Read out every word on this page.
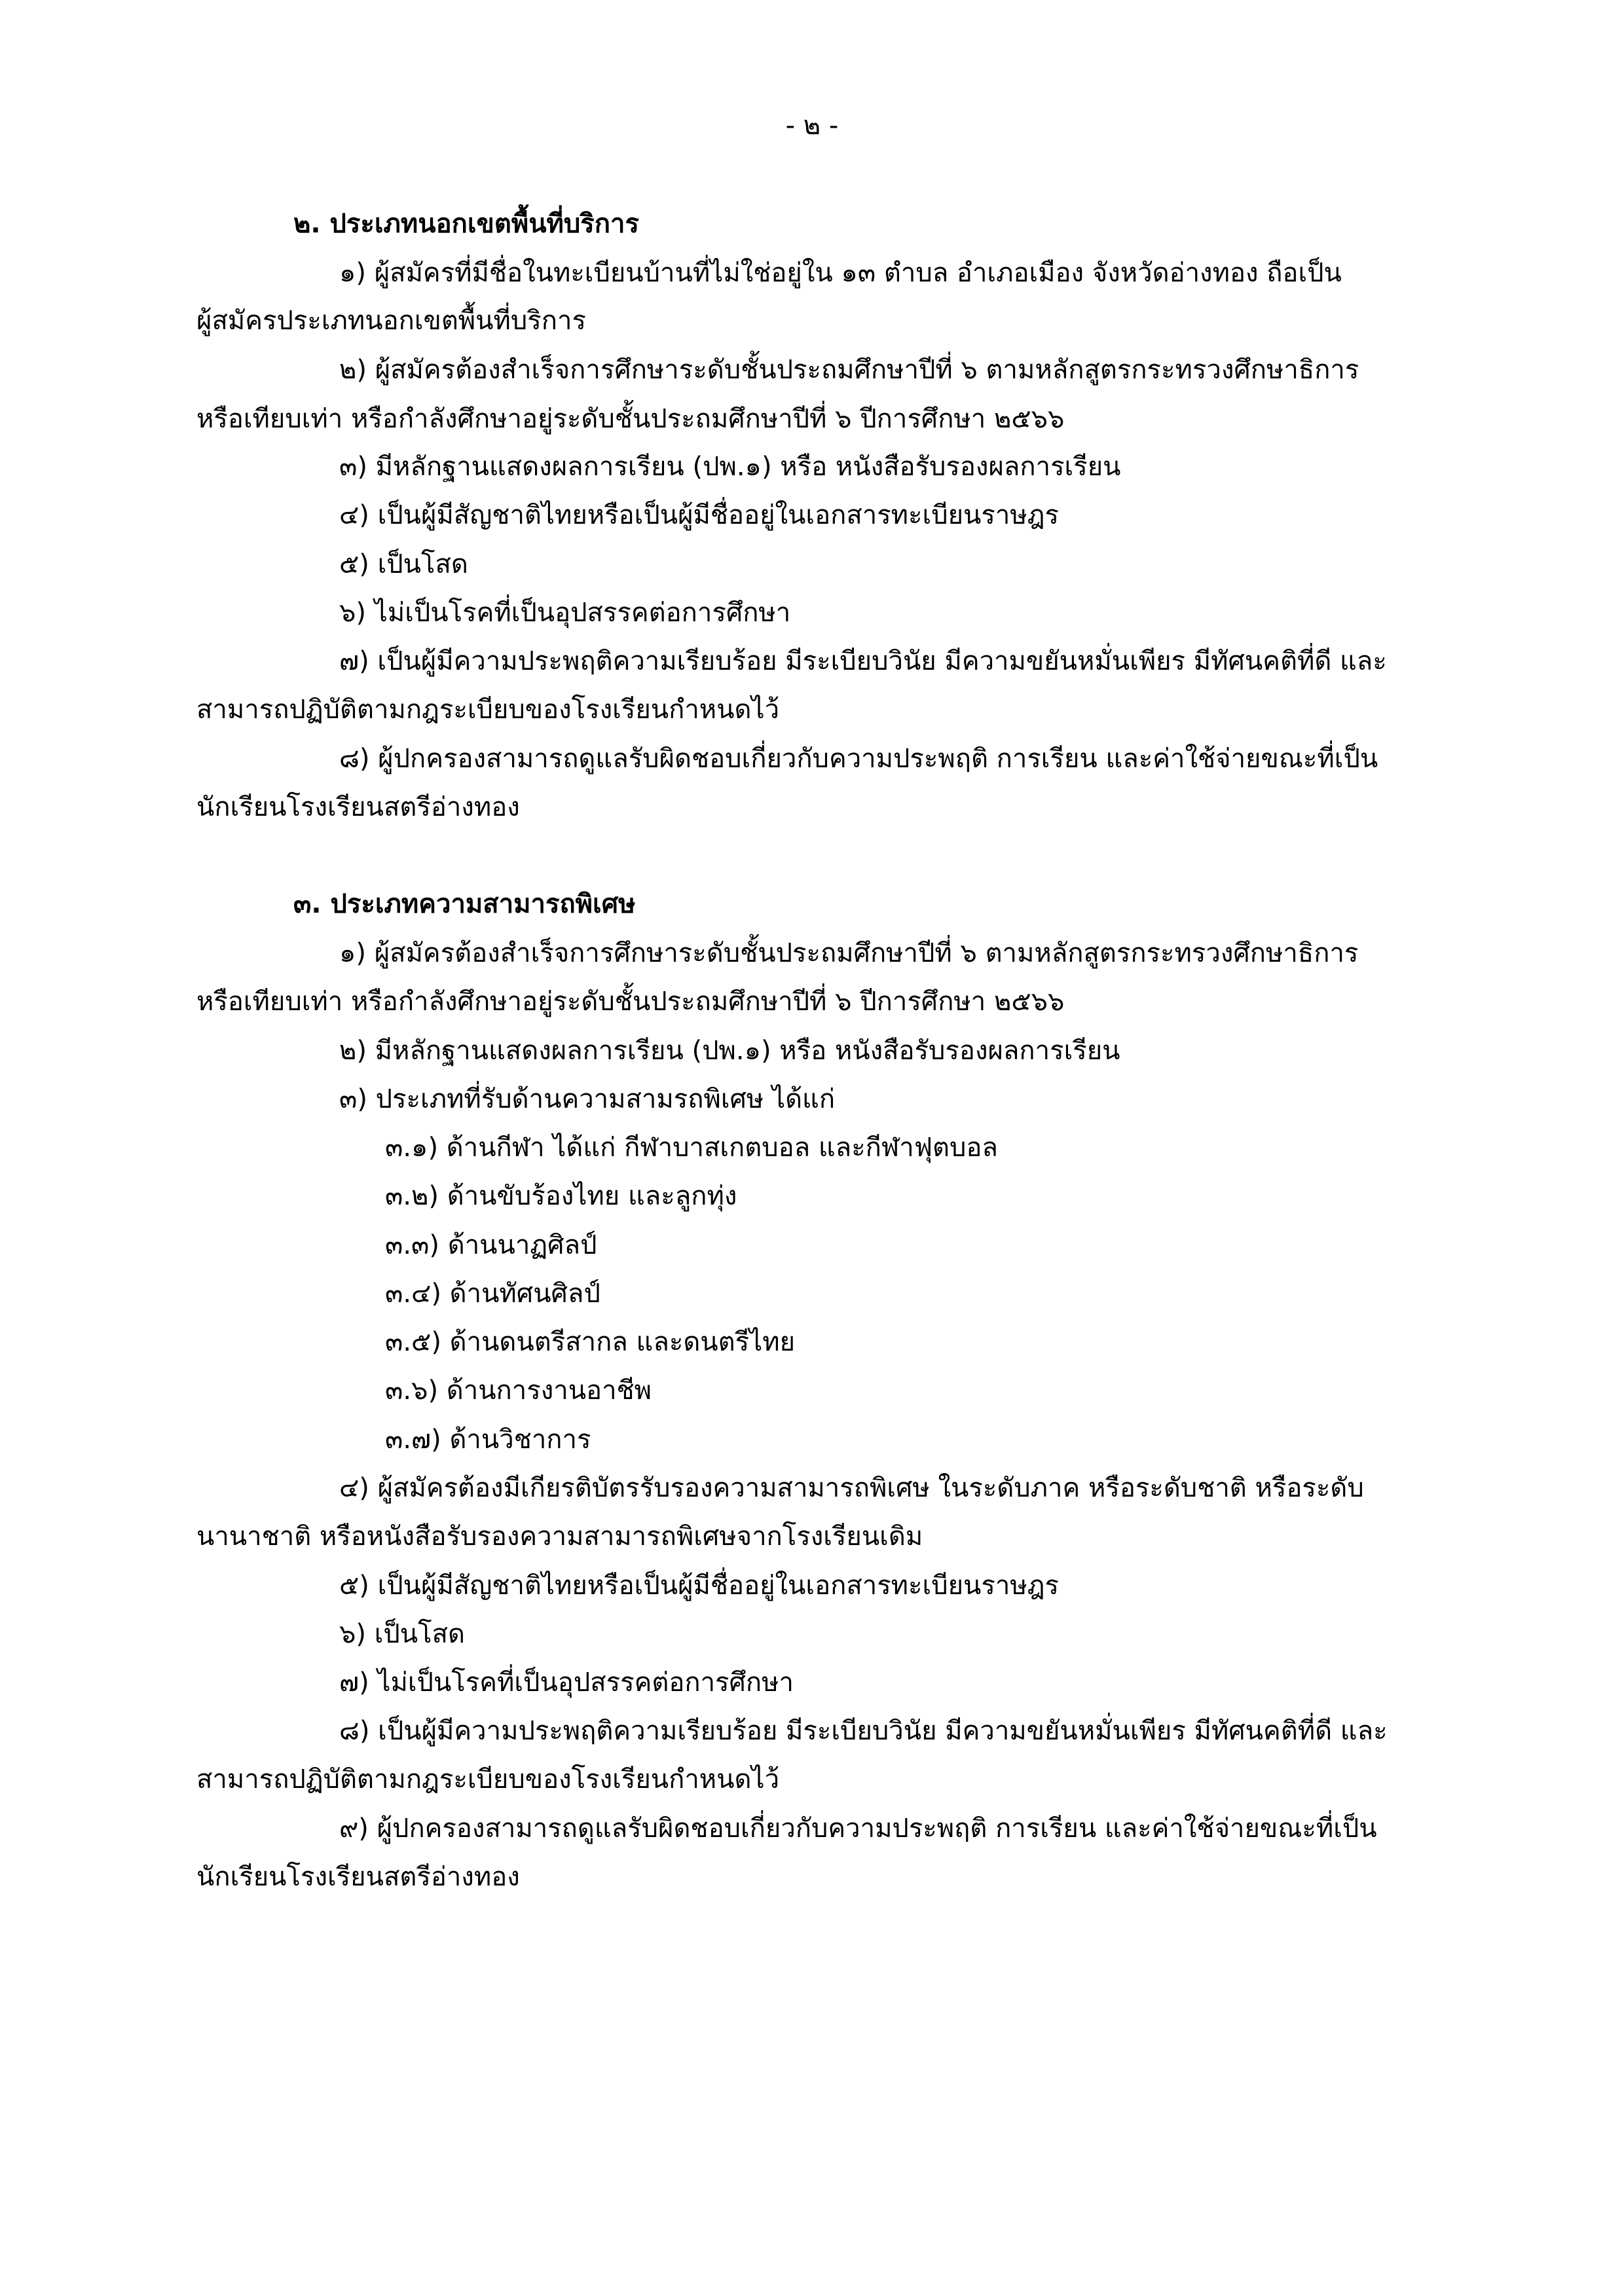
- ๒ -
๒. ประเภทนอกเขตพื้นที่บริการ
๑) ผู้สมัครที่มีชื่อในทะเบียนบ้านที่ไม่ใช่อยู่ใน ๑๓ ตำบล อำเภอเมือง จังหวัดอ่างทอง ถือเป็น
ผู้สมัครประเภทนอกเขตพื้นที่บริการ
๒) ผู้สมัครต้องสำเร็จการศึกษาระดับชั้นประถมศึกษาปีที่ ๖ ตามหลักสูตรกระทรวงศึกษาธิการ
หรือเทียบเท่า หรือกำลังศึกษาอยู่ระดับชั้นประถมศึกษาปีที่ ๖ ปีการศึกษา ๒๕๖๖
๓) มีหลักฐานแสดงผลการเรียน (ปพ.๑) หรือ หนังสือรับรองผลการเรียน
๔) เป็นผู้มีสัญชาติไทยหรือเป็นผู้มีชื่ออยู่ในเอกสารทะเบียนราษฎร
๕) เป็นโสด
๖) ไม่เป็นโรคที่เป็นอุปสรรคต่อการศึกษา
๗) เป็นผู้มีความประพฤติความเรียบร้อย มีระเบียบวินัย มีความขยันหมั่นเพียร มีทัศนคติที่ดี และ
สามารถปฏิบัติตามกฎระเบียบของโรงเรียนกำหนดไว้
๘) ผู้ปกครองสามารถดูแลรับผิดชอบเกี่ยวกับความประพฤติ การเรียน และค่าใช้จ่ายขณะที่เป็น
นักเรียนโรงเรียนสตรีอ่างทอง
๓. ประเภทความสามารถพิเศษ
๑) ผู้สมัครต้องสำเร็จการศึกษาระดับชั้นประถมศึกษาปีที่ ๖ ตามหลักสูตรกระทรวงศึกษาธิการ
หรือเทียบเท่า หรือกำลังศึกษาอยู่ระดับชั้นประถมศึกษาปีที่ ๖ ปีการศึกษา ๒๕๖๖
๒) มีหลักฐานแสดงผลการเรียน (ปพ.๑) หรือ หนังสือรับรองผลการเรียน
๓) ประเภทที่รับด้านความสามรถพิเศษ ได้แก่
๓.๑) ด้านกีฬา ได้แก่ กีฬาบาสเกตบอล และกีฬาฟุตบอล
๓.๒) ด้านขับร้องไทย และลูกทุ่ง
๓.๓) ด้านนาฏศิลป์
๓.๔) ด้านทัศนศิลป์
๓.๕) ด้านดนตรีสากล และดนตรีไทย
๓.๖) ด้านการงานอาชีพ
๓.๗) ด้านวิชาการ
๔) ผู้สมัครต้องมีเกียรติบัตรรับรองความสามารถพิเศษ ในระดับภาค หรือระดับชาติ หรือระดับ
นานาชาติ หรือหนังสือรับรองความสามารถพิเศษจากโรงเรียนเดิม
๕) เป็นผู้มีสัญชาติไทยหรือเป็นผู้มีชื่ออยู่ในเอกสารทะเบียนราษฎร
๖) เป็นโสด
๗) ไม่เป็นโรคที่เป็นอุปสรรคต่อการศึกษา
๘) เป็นผู้มีความประพฤติความเรียบร้อย มีระเบียบวินัย มีความขยันหมั่นเพียร มีทัศนคติที่ดี และ
สามารถปฏิบัติตามกฎระเบียบของโรงเรียนกำหนดไว้
๙) ผู้ปกครองสามารถดูแลรับผิดชอบเกี่ยวกับความประพฤติ การเรียน และค่าใช้จ่ายขณะที่เป็น
นักเรียนโรงเรียนสตรีอ่างทอง
